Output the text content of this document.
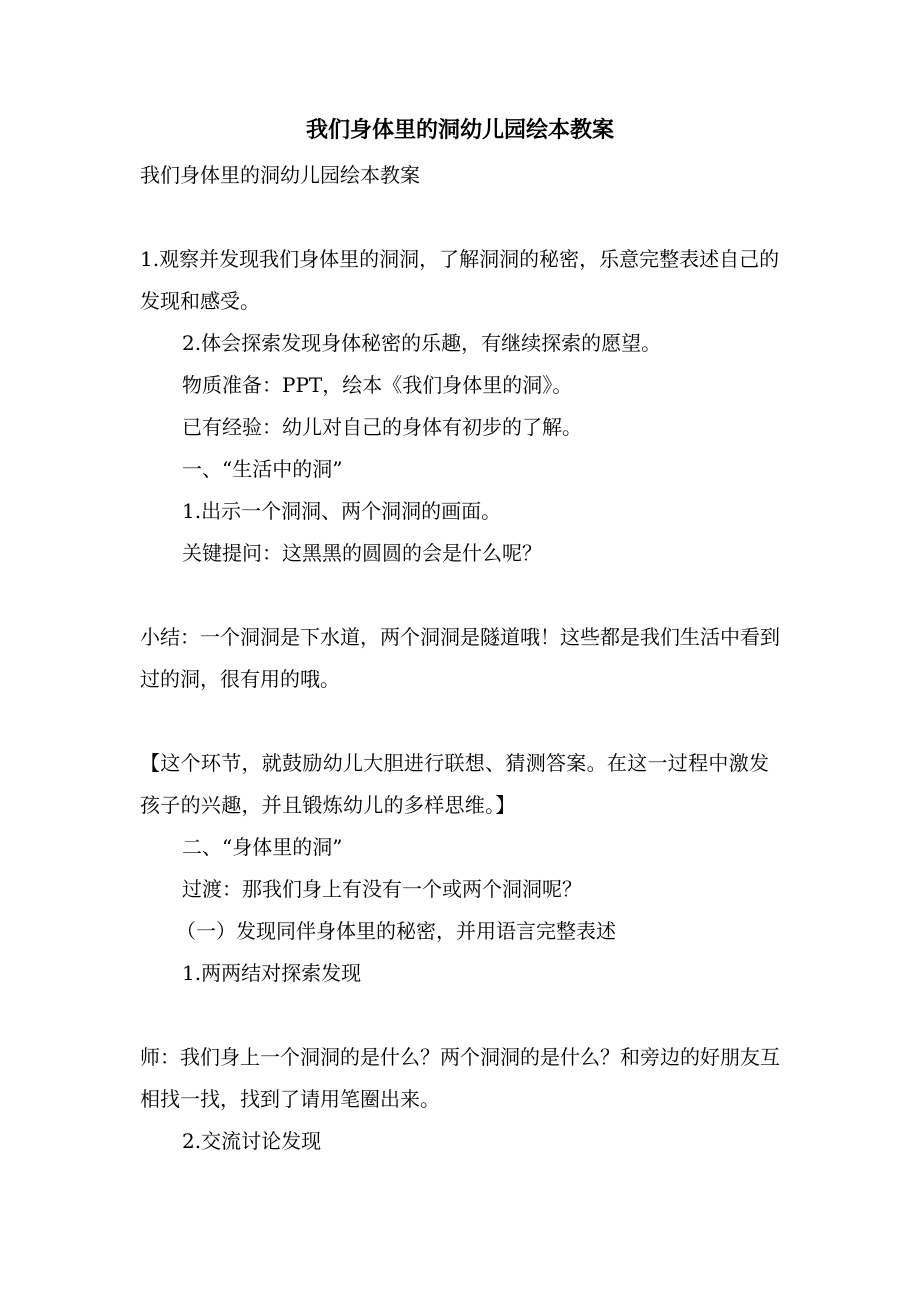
我们身体里的洞幼儿园绘本教案
我们身体里的洞幼儿园绘本教案
1.观察并发现我们身体里的洞洞，了解洞洞的秘密，乐意完整表述自己的发现和感受。
2.体会探索发现身体秘密的乐趣，有继续探索的愿望。
物质准备：PPT，绘本《我们身体里的洞》。
已有经验：幼儿对自己的身体有初步的了解。
一、“生活中的洞”
1.出示一个洞洞、两个洞洞的画面。
关键提问：这黑黑的圆圆的会是什么呢？
小结：一个洞洞是下水道，两个洞洞是隧道哦！这些都是我们生活中看到过的洞，很有用的哦。
【这个环节，就鼓励幼儿大胆进行联想、猜测答案。在这一过程中激发孩子的兴趣，并且锻炼幼儿的多样思维。】
二、“身体里的洞”
过渡：那我们身上有没有一个或两个洞洞呢？
（一）发现同伴身体里的秘密，并用语言完整表述
1.两两结对探索发现
师：我们身上一个洞洞的是什么？两个洞洞的是什么？和旁边的好朋友互相找一找，找到了请用笔圈出来。
2.交流讨论发现
